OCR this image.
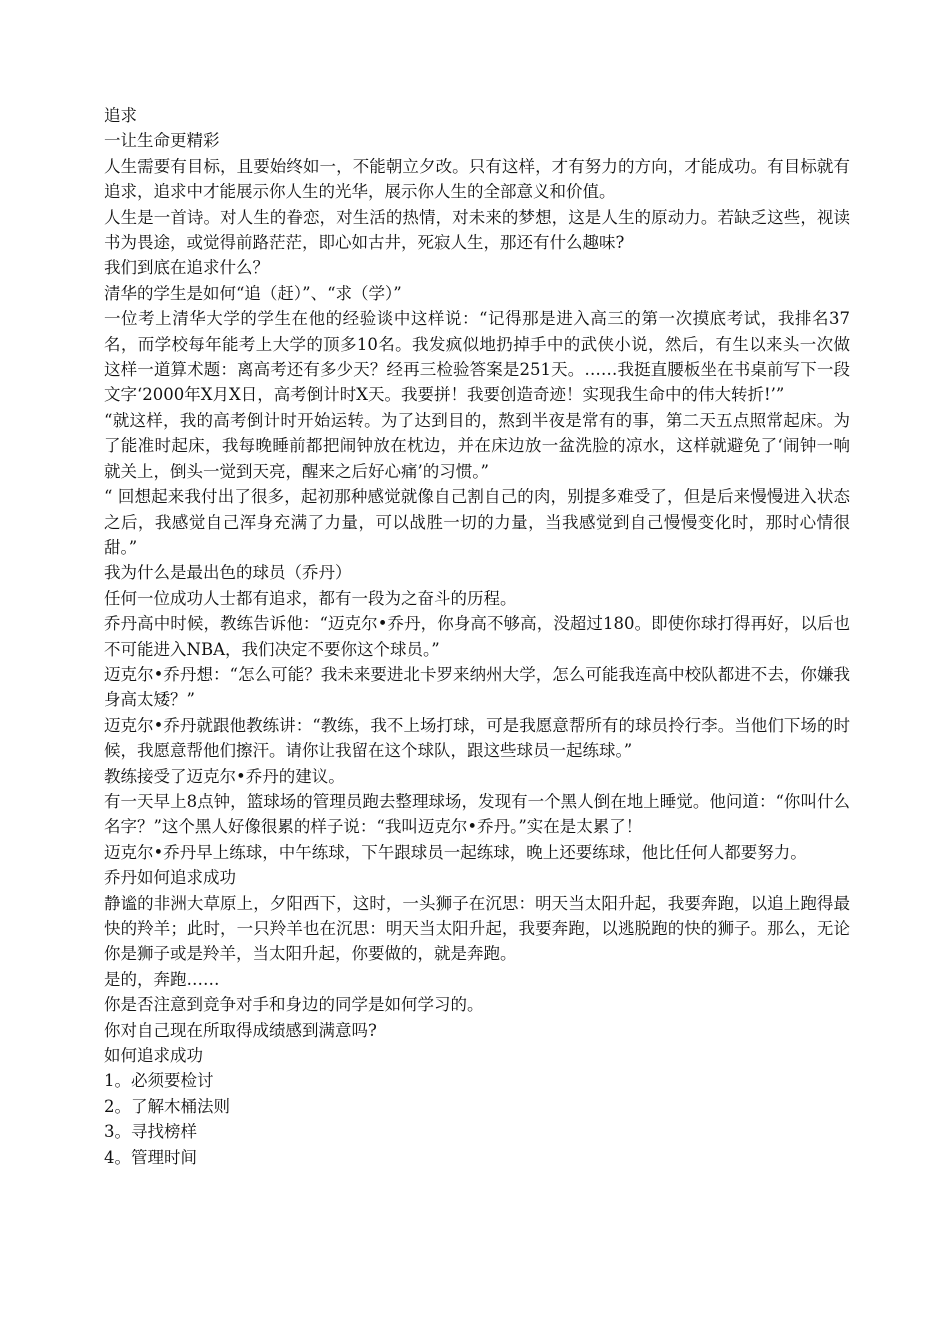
追求

一让生命更精彩

人生需要有目标，且要始终如一，不能朝立夕改。只有这样，才有努力的方向，才能成功。有目标就有追求，追求中才能展示你人生的光华，展示你人生的全部意义和价值。

人生是一首诗。对人生的眷恋，对生活的热情，对未来的梦想，这是人生的原动力。若缺乏这些，视读书为畏途，或觉得前路茫茫，即心如古井，死寂人生，那还有什么趣味?

我们到底在追求什么？

清华的学生是如何“追（赶）”、“求（学）”

一位考上清华大学的学生在他的经验谈中这样说：“记得那是进入高三的第一次摸底考试，我排名37名，而学校每年能考上大学的顶多10名。我发疯似地扔掉手中的武侠小说，然后，有生以来头一次做这样一道算术题：离高考还有多少天？经再三检验答案是251天。……我挺直腰板坐在书桌前写下一段文字‘2000年X月X日，高考倒计时X天。我要拼！我要创造奇迹！实现我生命中的伟大转折!’”

“就这样，我的高考倒计时开始运转。为了达到目的，熬到半夜是常有的事，第二天五点照常起床。为了能准时起床，我每晚睡前都把闹钟放在枕边，并在床边放一盆洗脸的凉水，这样就避免了‘闹钟一响就关上，倒头一觉到天亮，醒来之后好心痛’的习惯。”

“ 回想起来我付出了很多，起初那种感觉就像自己割自己的肉，别提多难受了，但是后来慢慢进入状态之后，我感觉自己浑身充满了力量，可以战胜一切的力量，当我感觉到自己慢慢变化时，那时心情很甜。”

我为什么是最出色的球员（乔丹）

任何一位成功人士都有追求，都有一段为之奋斗的历程。

乔丹高中时候，教练告诉他：“迈克尔•乔丹，你身高不够高，没超过180。即使你球打得再好，以后也不可能进入NBA，我们决定不要你这个球员。”

迈克尔•乔丹想：“怎么可能？我未来要进北卡罗来纳州大学，怎么可能我连高中校队都进不去，你嫌我身高太矮？”

迈克尔•乔丹就跟他教练讲：“教练，我不上场打球，可是我愿意帮所有的球员拎行李。当他们下场的时候，我愿意帮他们擦汗。请你让我留在这个球队，跟这些球员一起练球。”

教练接受了迈克尔•乔丹的建议。

有一天早上8点钟，篮球场的管理员跑去整理球场，发现有一个黑人倒在地上睡觉。他问道：“你叫什么名字？”这个黑人好像很累的样子说：“我叫迈克尔•乔丹。”实在是太累了！

迈克尔•乔丹早上练球，中午练球，下午跟球员一起练球，晚上还要练球，他比任何人都要努力。

乔丹如何追求成功

静谧的非洲大草原上，夕阳西下，这时，一头狮子在沉思：明天当太阳升起，我要奔跑，以追上跑得最快的羚羊；此时，一只羚羊也在沉思：明天当太阳升起，我要奔跑，以逃脱跑的快的狮子。那么，无论你是狮子或是羚羊，当太阳升起，你要做的，就是奔跑。

是的，奔跑……

你是否注意到竞争对手和身边的同学是如何学习的。

你对自己现在所取得成绩感到满意吗?

如何追求成功

1。必须要检讨

2。了解木桶法则

3。寻找榜样

4。管理时间
